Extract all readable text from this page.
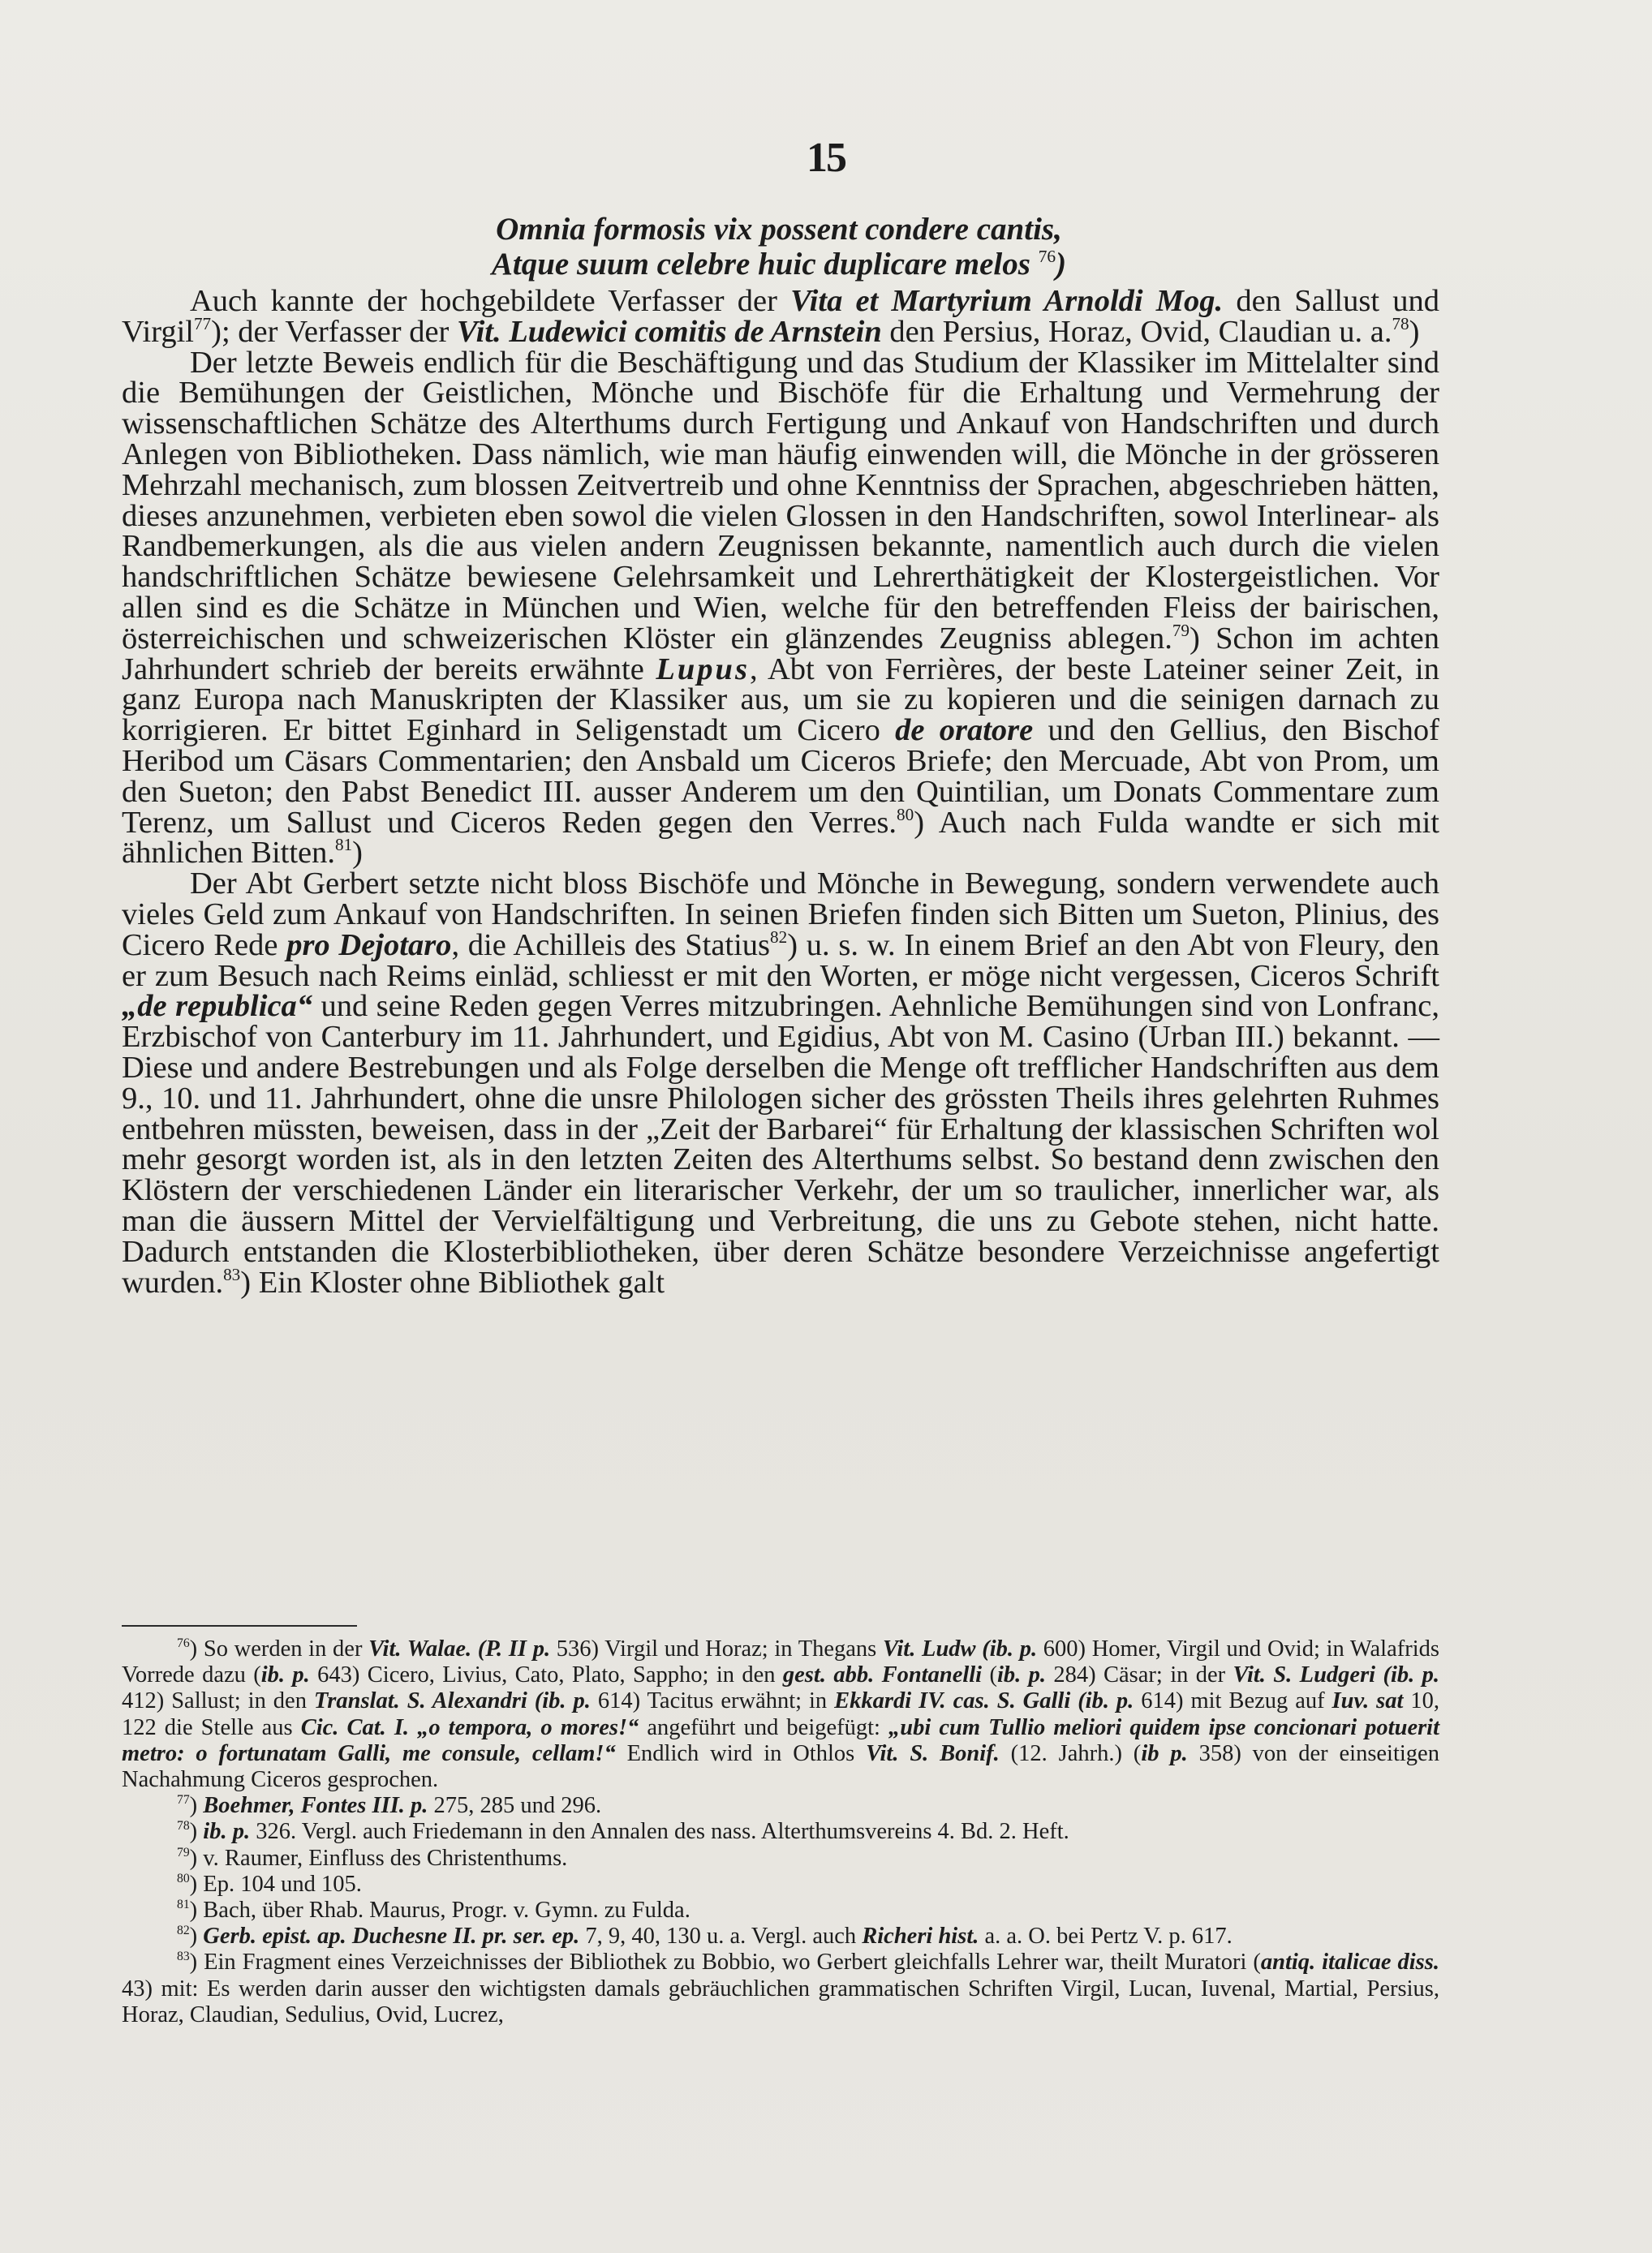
15
Omnia formosis vix possent condere cantis,
Atque suum celebre huic duplicare melos $^{76}$)

Auch kannte der hochgebildete Verfasser der Vita et Martyrium Arnoldi Mog. den Sallust und Virgil$^{77}$); der Verfasser der Vit. Ludewici comitis de Arnstein den Persius, Horaz, Ovid, Claudian u. a.$^{78}$)

Der letzte Beweis endlich für die Beschäftigung und das Studium der Klassiker im Mittelalter sind die Bemühungen der Geistlichen, Mönche und Bischöfe für die Erhaltung und Vermehrung der wissenschaftlichen Schätze des Alterthums durch Fertigung und Ankauf von Handschriften und durch Anlegen von Bibliotheken. Dass nämlich, wie man häufig einwenden will, die Mönche in der grösseren Mehrzahl mechanisch, zum blossen Zeitvertreib und ohne Kenntniss der Sprachen, abgeschrieben hätten, dieses anzunehmen, verbieten eben sowol die vielen Glossen in den Handschriften, sowol Interlinear- als Randbemerkungen, als die aus vielen andern Zeugnissen bekannte, namentlich auch durch die vielen handschriftlichen Schätze bewiesene Gelehrsamkeit und Lehrerthätigkeit der Klostergeistlichen. Vor allen sind es die Schätze in München und Wien, welche für den betreffenden Fleiss der bairischen, österreichischen und schweizerischen Klöster ein glänzendes Zeugniss ablegen.$^{79}$) Schon im achten Jahrhundert schrieb der bereits erwähnte Lupus, Abt von Ferrières, der beste Lateiner seiner Zeit, in ganz Europa nach Manuskripten der Klassiker aus, um sie zu kopieren und die seinigen darnach zu korrigieren. Er bittet Eginhard in Seligenstadt um Cicero de oratore und den Gellius, den Bischof Heribod um Cäsars Commentarien; den Ansbald um Ciceros Briefe; den Mercuade, Abt von Prom, um den Sueton; den Pabst Benedict III. ausser Anderem um den Quintilian, um Donats Commentare zum Terenz, um Sallust und Ciceros Reden gegen den Verres.$^{80}$) Auch nach Fulda wandte er sich mit ähnlichen Bitten.$^{81}$)

Der Abt Gerbert setzte nicht bloss Bischöfe und Mönche in Bewegung, sondern verwendete auch vieles Geld zum Ankauf von Handschriften. In seinen Briefen finden sich Bitten um Sueton, Plinius, des Cicero Rede pro Dejotaro, die Achilleis des Statius$^{82}$) u. s. w. In einem Brief an den Abt von Fleury, den er zum Besuch nach Reims einläd, schliesst er mit den Worten, er möge nicht vergessen, Ciceros Schrift „de republica“ und seine Reden gegen Verres mitzubringen. Aehnliche Bemühungen sind von Lonfranc, Erzbischof von Canterbury im 11. Jahrhundert, und Egidius, Abt von M. Casino (Urban III.) bekannt. — Diese und andere Bestrebungen und als Folge derselben die Menge oft trefflicher Handschriften aus dem 9., 10. und 11. Jahrhundert, ohne die unsre Philologen sicher des grössten Theils ihres gelehrten Ruhmes entbehren müssten, beweisen, dass in der „Zeit der Barbarei“ für Erhaltung der klassischen Schriften wol mehr gesorgt worden ist, als in den letzten Zeiten des Alterthums selbst. So bestand denn zwischen den Klöstern der verschiedenen Länder ein literarischer Verkehr, der um so traulicher, innerlicher war, als man die äussern Mittel der Vervielfältigung und Verbreitung, die uns zu Gebote stehen, nicht hatte. Dadurch entstanden die Klosterbibliotheken, über deren Schätze besondere Verzeichnisse angefertigt wurden.$^{83}$) Ein Kloster ohne Bibliothek galt

$^{76}$) So werden in der Vit. Walae. (P. II p. 536) Virgil und Horaz; in Thegans Vit. Ludw (ib. p. 600) Homer, Virgil und Ovid; in Walafrids Vorrede dazu (ib. p. 643) Cicero, Livius, Cato, Plato, Sappho; in den gest. abb. Fontanelli (ib. p. 284) Cäsar; in der Vit. S. Ludgeri (ib. p. 412) Sallust; in den Translat. S. Alexandri (ib. p. 614) Tacitus erwähnt; in Ekkardi IV. cas. S. Galli (ib. p. 614) mit Bezug auf Iuv. sat 10, 122 die Stelle aus Cic. Cat. I. „o tempora, o mores!“ angeführt und beigefügt: „ubi cum Tullio meliori quidem ipse concionari potuerit metro: o fortunatam Galli, me consule, cellam!“ Endlich wird in Othlos Vit. S. Bonif. (12. Jahrh.) (ib p. 358) von der einseitigen Nachahmung Ciceros gesprochen.

$^{77}$) Boehmer, Fontes III. p. 275, 285 und 296.

$^{78}$) ib. p. 326. Vergl. auch Friedemann in den Annalen des nass. Alterthumsvereins 4. Bd. 2. Heft.

$^{79}$) v. Raumer, Einfluss des Christenthums.

$^{80}$) Ep. 104 und 105.

$^{81}$) Bach, über Rhab. Maurus, Progr. v. Gymn. zu Fulda.

$^{82}$) Gerb. epist. ap. Duchesne II. pr. ser. ep. 7, 9, 40, 130 u. a. Vergl. auch Richeri hist. a. a. O. bei Pertz V. p. 617.

$^{83}$) Ein Fragment eines Verzeichnisses der Bibliothek zu Bobbio, wo Gerbert gleichfalls Lehrer war, theilt Muratori (antiq. italicae diss. 43) mit: Es werden darin ausser den wichtigsten damals gebräuchlichen grammatischen Schriften Virgil, Lucan, Iuvenal, Martial, Persius, Horaz, Claudian, Sedulius, Ovid, Lucrez,
